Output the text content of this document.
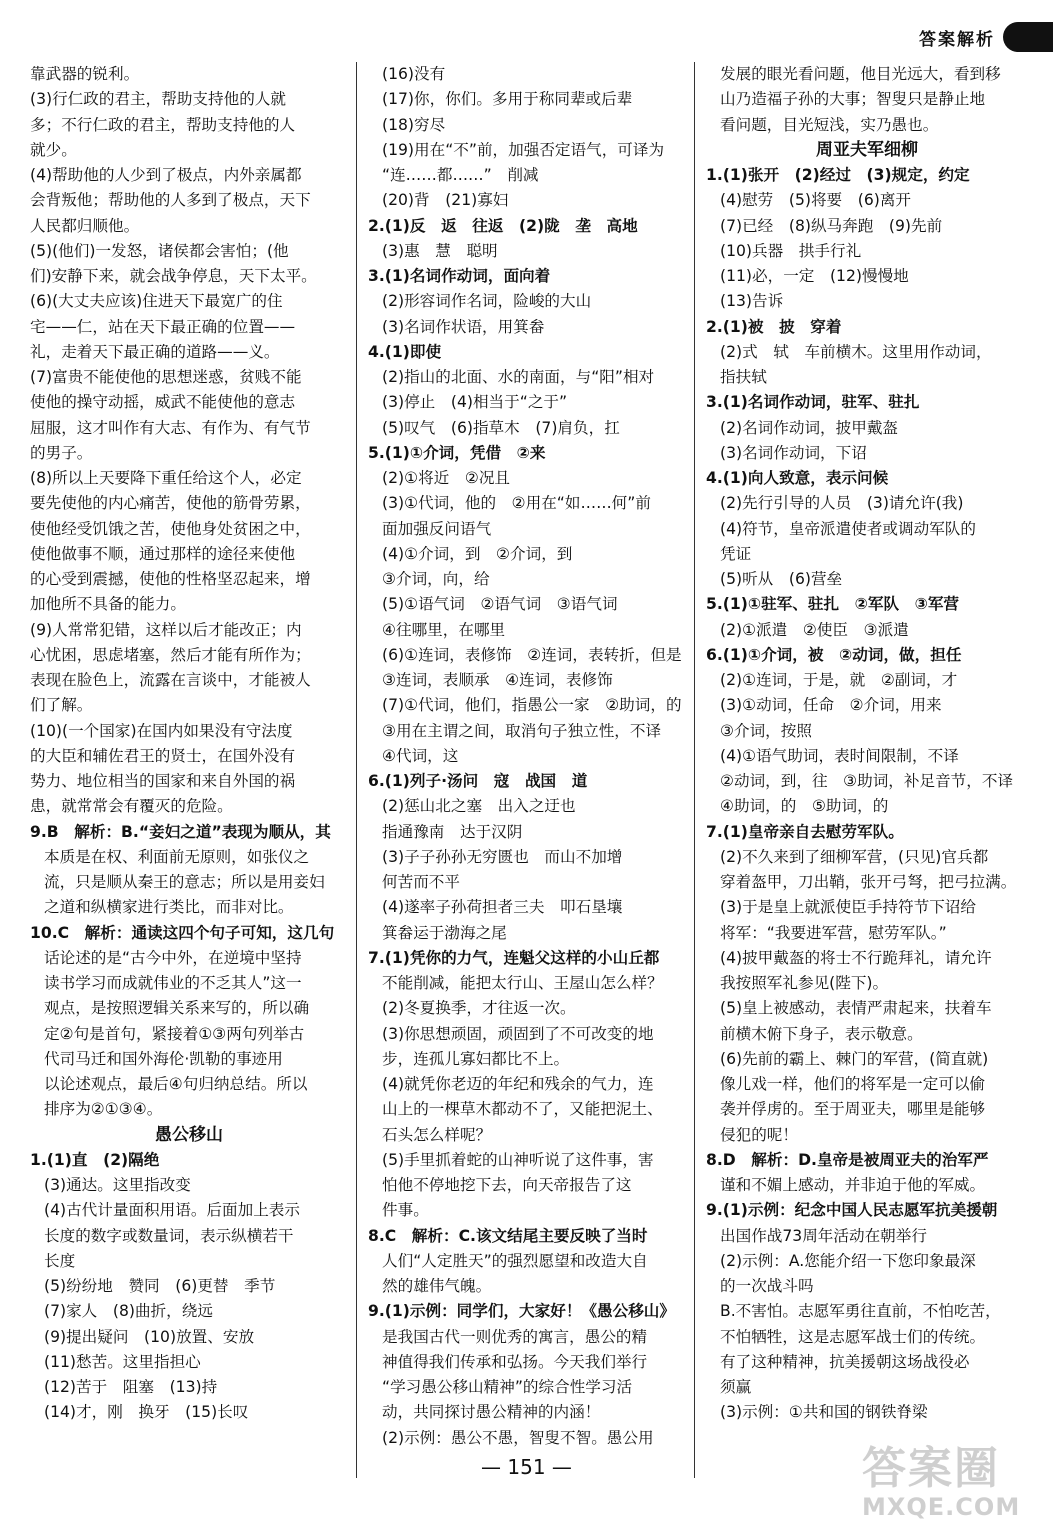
答案解析
靠武器的锐利。
(3)行仁政的君主，帮助支持他的人就
多；不行仁政的君主，帮助支持他的人
就少。
(4)帮助他的人少到了极点，内外亲属都
会背叛他；帮助他的人多到了极点，天下
人民都归顺他。
(5)(他们)一发怒，诸侯都会害怕；(他
们)安静下来，就会战争停息，天下太平。
(6)(大丈夫应该)住进天下最宽广的住
宅——仁，站在天下最正确的位置——
礼，走着天下最正确的道路——义。
(7)富贵不能使他的思想迷惑，贫贱不能
使他的操守动摇，威武不能使他的意志
屈服，这才叫作有大志、有作为、有气节
的男子。
(8)所以上天要降下重任给这个人，必定
要先使他的内心痛苦，使他的筋骨劳累，
使他经受饥饿之苦，使他身处贫困之中，
使他做事不顺，通过那样的途径来使他
的心受到震撼，使他的性格坚忍起来，增
加他所不具备的能力。
(9)人常常犯错，这样以后才能改正；内
心忧困，思虑堵塞，然后才能有所作为；
表现在脸色上，流露在言谈中，才能被人
们了解。
(10)(一个国家)在国内如果没有守法度
的大臣和辅佐君王的贤士，在国外没有
势力、地位相当的国家和来自外国的祸
患，就常常会有覆灭的危险。
9.B　解析：B.“妾妇之道”表现为顺从，其
本质是在权、利面前无原则，如张仪之
流，只是顺从秦王的意志；所以是用妾妇
之道和纵横家进行类比，而非对比。
10.C　解析：通读这四个句子可知，这几句
话论述的是“古今中外，在逆境中坚持
读书学习而成就伟业的不乏其人”这一
观点，是按照逻辑关系来写的，所以确
定②句是首句，紧接着①③两句列举古
代司马迁和国外海伦·凯勒的事迹用
以论述观点，最后④句归纳总结。所以
排序为②①③④。
愚公移山
1.(1)直　(2)隔绝
(3)通达。这里指改变
(4)古代计量面积用语。后面加上表示
长度的数字或数量词，表示纵横若干
长度
(5)纷纷地　赞同　(6)更替　季节
(7)家人　(8)曲折，绕远
(9)提出疑问　(10)放置、安放
(11)愁苦。这里指担心
(12)苦于　阻塞　(13)持
(14)才，刚　换牙　(15)长叹
(16)没有
(17)你，你们。多用于称同辈或后辈
(18)穷尽
(19)用在“不”前，加强否定语气，可译为
“连……都……”　削减
(20)背　(21)寡妇
2.(1)反　返　往返　(2)陇　垄　高地
(3)惠　慧　聪明
3.(1)名词作动词，面向着
(2)形容词作名词，险峻的大山
(3)名词作状语，用箕畚
4.(1)即使
(2)指山的北面、水的南面，与“阳”相对
(3)停止　(4)相当于“之于”
(5)叹气　(6)指草木　(7)肩负，扛
5.(1)①介词，凭借　②来
(2)①将近　②况且
(3)①代词，他的　②用在“如……何”前
面加强反问语气
(4)①介词，到　②介词，到
③介词，向，给
(5)①语气词　②语气词　③语气词
④往哪里，在哪里
(6)①连词，表修饰　②连词，表转折，但是
③连词，表顺承　④连词，表修饰
(7)①代词，他们，指愚公一家　②助词，的
③用在主谓之间，取消句子独立性，不译
④代词，这
6.(1)列子·汤问　寇　战国　道
(2)惩山北之塞　出入之迂也
指通豫南　达于汉阴
(3)子子孙孙无穷匮也　而山不加增
何苦而不平
(4)遂率子孙荷担者三夫　叩石垦壤
箕畚运于渤海之尾
7.(1)凭你的力气，连魁父这样的小山丘都
不能削减，能把太行山、王屋山怎么样？
(2)冬夏换季，才往返一次。
(3)你思想顽固，顽固到了不可改变的地
步，连孤儿寡妇都比不上。
(4)就凭你老迈的年纪和残余的气力，连
山上的一棵草木都动不了，又能把泥土、
石头怎么样呢？
(5)手里抓着蛇的山神听说了这件事，害
怕他不停地挖下去，向天帝报告了这
件事。
8.C　解析：C.该文结尾主要反映了当时
人们“人定胜天”的强烈愿望和改造大自
然的雄伟气魄。
9.(1)示例：同学们，大家好！《愚公移山》
是我国古代一则优秀的寓言，愚公的精
神值得我们传承和弘扬。今天我们举行
“学习愚公移山精神”的综合性学习活
动，共同探讨愚公精神的内涵！
(2)示例：愚公不愚，智叟不智。愚公用
发展的眼光看问题，他目光远大，看到移
山乃造福子孙的大事；智叟只是静止地
看问题，目光短浅，实乃愚也。
周亚夫军细柳
1.(1)张开　(2)经过　(3)规定，约定
(4)慰劳　(5)将要　(6)离开
(7)已经　(8)纵马奔跑　(9)先前
(10)兵器　拱手行礼
(11)必，一定　(12)慢慢地
(13)告诉
2.(1)被　披　穿着
(2)式　轼　车前横木。这里用作动词，
指扶轼
3.(1)名词作动词，驻军、驻扎
(2)名词作动词，披甲戴盔
(3)名词作动词，下诏
4.(1)向人致意，表示问候
(2)先行引导的人员　(3)请允许(我)
(4)符节，皇帝派遣使者或调动军队的
凭证
(5)听从　(6)营垒
5.(1)①驻军、驻扎　②军队　③军营
(2)①派遣　②使臣　③派遣
6.(1)①介词，被　②动词，做，担任
(2)①连词，于是，就　②副词，才
(3)①动词，任命　②介词，用来
③介词，按照
(4)①语气助词，表时间限制，不译
②动词，到，往　③助词，补足音节，不译
④助词，的　⑤助词，的
7.(1)皇帝亲自去慰劳军队。
(2)不久来到了细柳军营，(只见)官兵都
穿着盔甲，刀出鞘，张开弓弩，把弓拉满。
(3)于是皇上就派使臣手持符节下诏给
将军：“我要进军营，慰劳军队。”
(4)披甲戴盔的将士不行跪拜礼，请允许
我按照军礼参见(陛下)。
(5)皇上被感动，表情严肃起来，扶着车
前横木俯下身子，表示敬意。
(6)先前的霸上、棘门的军营，(简直就)
像儿戏一样，他们的将军是一定可以偷
袭并俘虏的。至于周亚夫，哪里是能够
侵犯的呢！
8.D　解析：D.皇帝是被周亚夫的治军严
谨和不媚上感动，并非迫于他的军威。
9.(1)示例：纪念中国人民志愿军抗美援朝
出国作战73周年活动在朝举行
(2)示例：A.您能介绍一下您印象最深
的一次战斗吗
B.不害怕。志愿军勇往直前，不怕吃苦，
不怕牺牲，这是志愿军战士们的传统。
有了这种精神，抗美援朝这场战役必
须赢
(3)示例：①共和国的钢铁脊梁
— 151 —	答案圈
MXQE.COM
